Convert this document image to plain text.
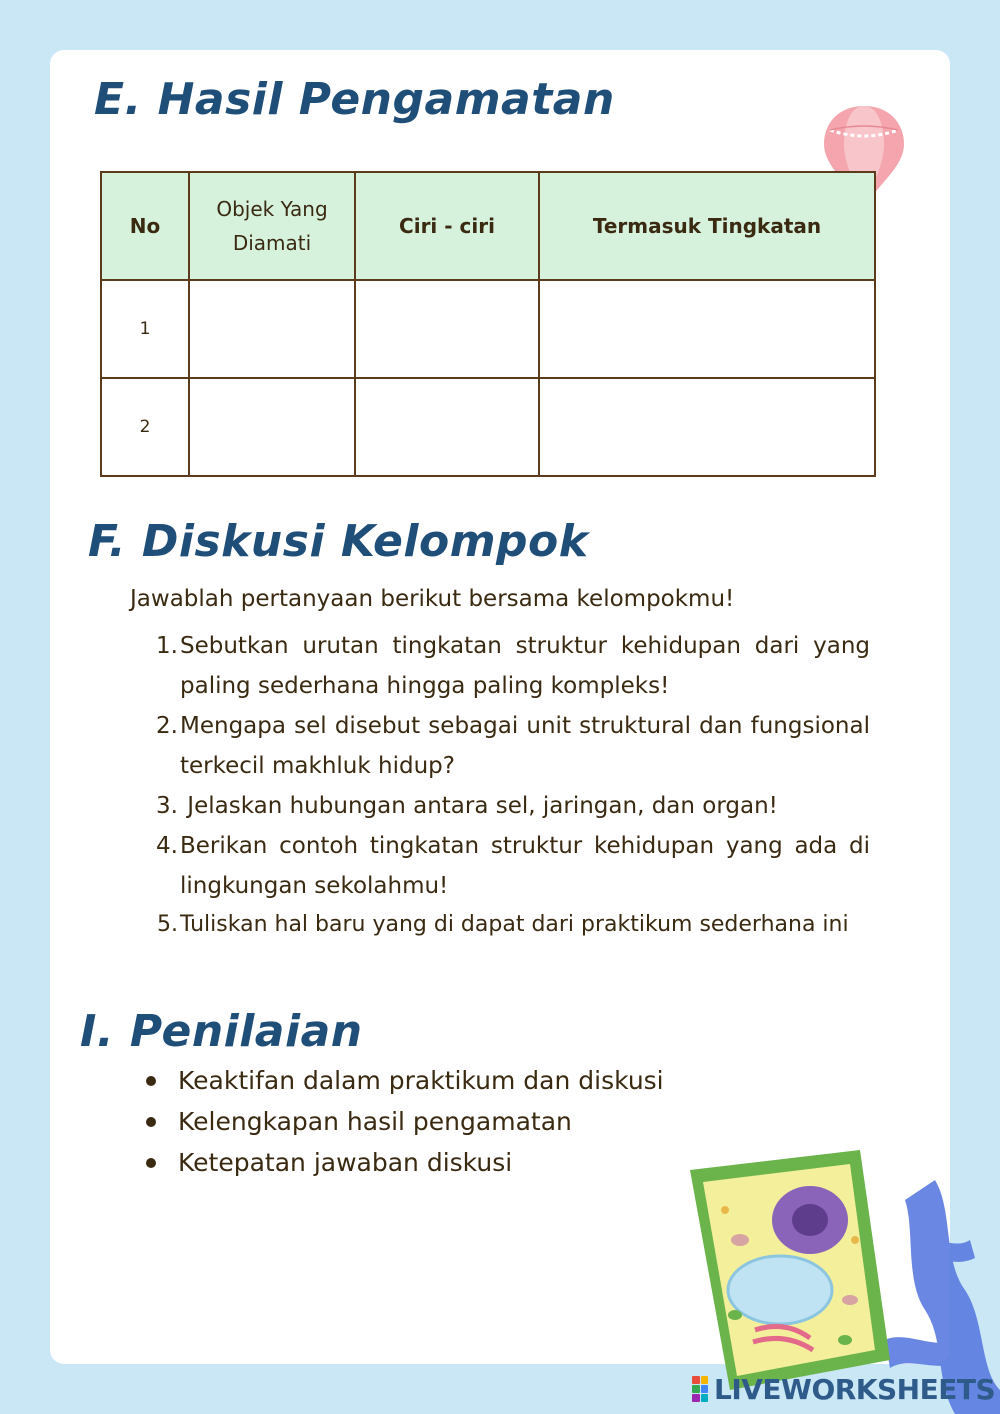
E. Hasil Pengamatan
No	Objek Yang Diamati	Ciri - ciri	Termasuk Tingkatan
1			
2			
F. Diskusi Kelompok
Jawablah pertanyaan berikut bersama kelompokmu!
1. Sebutkan urutan tingkatan struktur kehidupan dari yang paling sederhana hingga paling kompleks!
2. Mengapa sel disebut sebagai unit struktural dan fungsional terkecil makhluk hidup?
3. Jelaskan hubungan antara sel, jaringan, dan organ!
4. Berikan contoh tingkatan struktur kehidupan yang ada di lingkungan sekolahmu!
5. Tuliskan hal baru yang di dapat dari praktikum sederhana ini
I. Penilaian
Keaktifan dalam praktikum dan diskusi
Kelengkapan hasil pengamatan
Ketepatan jawaban diskusi
LIVEWORKSHEETS
